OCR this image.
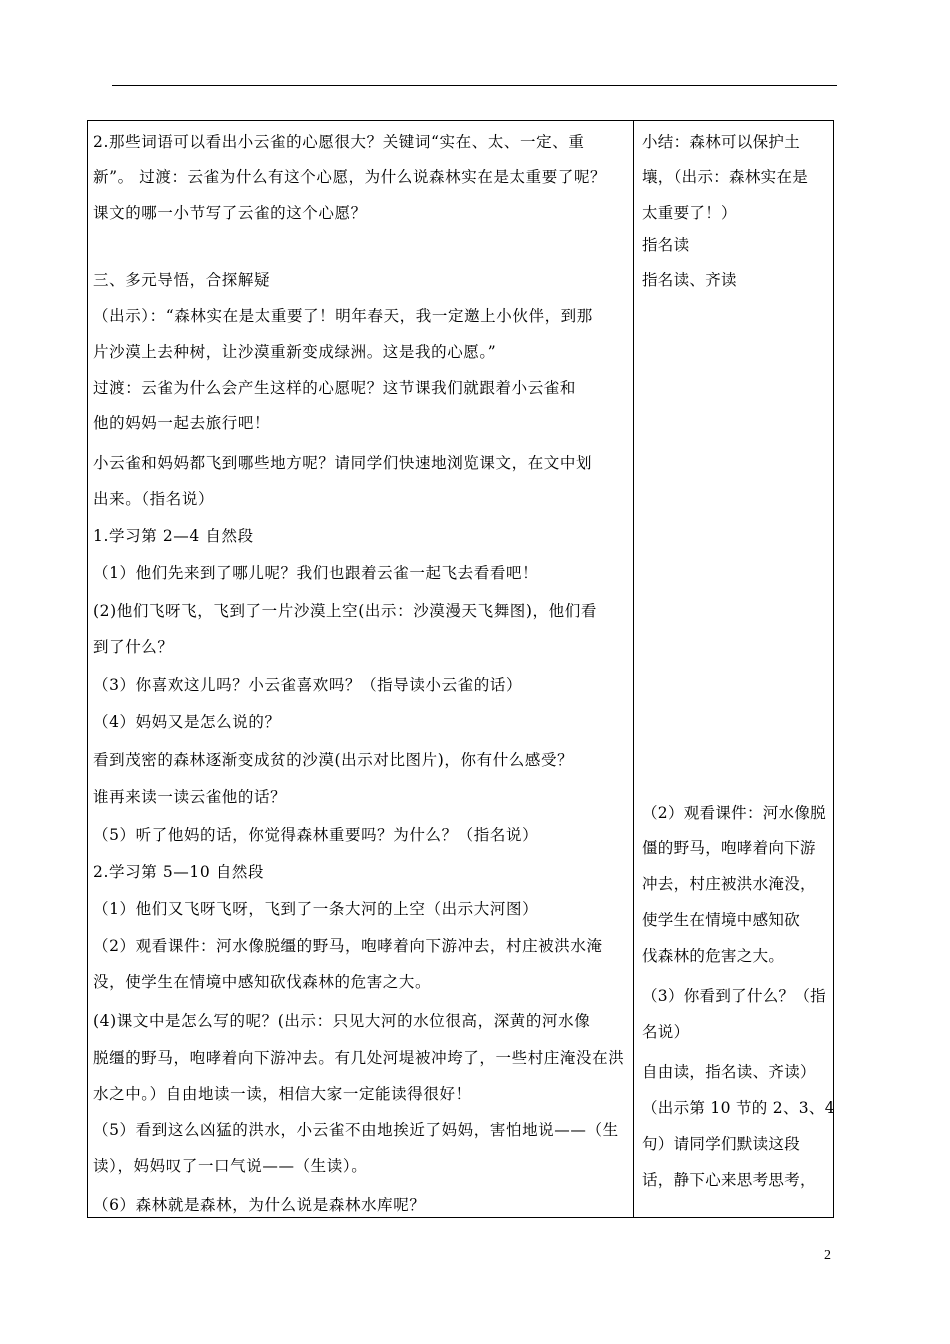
2.那些词语可以看出小云雀的心愿很大？关键词“实在、太、一定、重
新”。 过渡：云雀为什么有这个心愿，为什么说森林实在是太重要了呢？
课文的哪一小节写了云雀的这个心愿？
三、多元导悟，合探解疑
（出示）：“森林实在是太重要了！明年春天，我一定邀上小伙伴，到那
片沙漠上去种树，让沙漠重新变成绿洲。这是我的心愿。”
过渡：云雀为什么会产生这样的心愿呢？这节课我们就跟着小云雀和
他的妈妈一起去旅行吧！
小云雀和妈妈都飞到哪些地方呢？请同学们快速地浏览课文，在文中划
出来。（指名说）
1.学习第 2—4 自然段
（1）他们先来到了哪儿呢？我们也跟着云雀一起飞去看看吧！
(2)他们飞呀飞，飞到了一片沙漠上空(出示：沙漠漫天飞舞图)，他们看
到了什么？
（3）你喜欢这儿吗？小云雀喜欢吗？（指导读小云雀的话）
（4）妈妈又是怎么说的？
看到茂密的森林逐渐变成贫的沙漠(出示对比图片)，你有什么感受？
谁再来读一读云雀他的话？
（5）听了他妈的话，你觉得森林重要吗？为什么？（指名说）
2.学习第 5—10 自然段
（1）他们又飞呀飞呀，飞到了一条大河的上空（出示大河图）
（2）观看课件：河水像脱缰的野马，咆哮着向下游冲去，村庄被洪水淹
没，使学生在情境中感知砍伐森林的危害之大。
(4)课文中是怎么写的呢？(出示：只见大河的水位很高，深黄的河水像
脱缰的野马，咆哮着向下游冲去。有几处河堤被冲垮了，一些村庄淹没在洪
水之中。）自由地读一读，相信大家一定能读得很好！
（5）看到这么凶猛的洪水，小云雀不由地挨近了妈妈，害怕地说——（生
读），妈妈叹了一口气说——（生读）。
（6）森林就是森林，为什么说是森林水库呢？
小结：森林可以保护土
壤，（出示：森林实在是
太重要了！）
指名读
指名读、齐读
（2）观看课件：河水像脱
僵的野马，咆哮着向下游
冲去，村庄被洪水淹没，
使学生在情境中感知砍
伐森林的危害之大。
（3）你看到了什么？（指
名说）
自由读，指名读、齐读）
（出示第 10 节的 2、3、4
句）请同学们默读这段
话，静下心来思考思考，
2
